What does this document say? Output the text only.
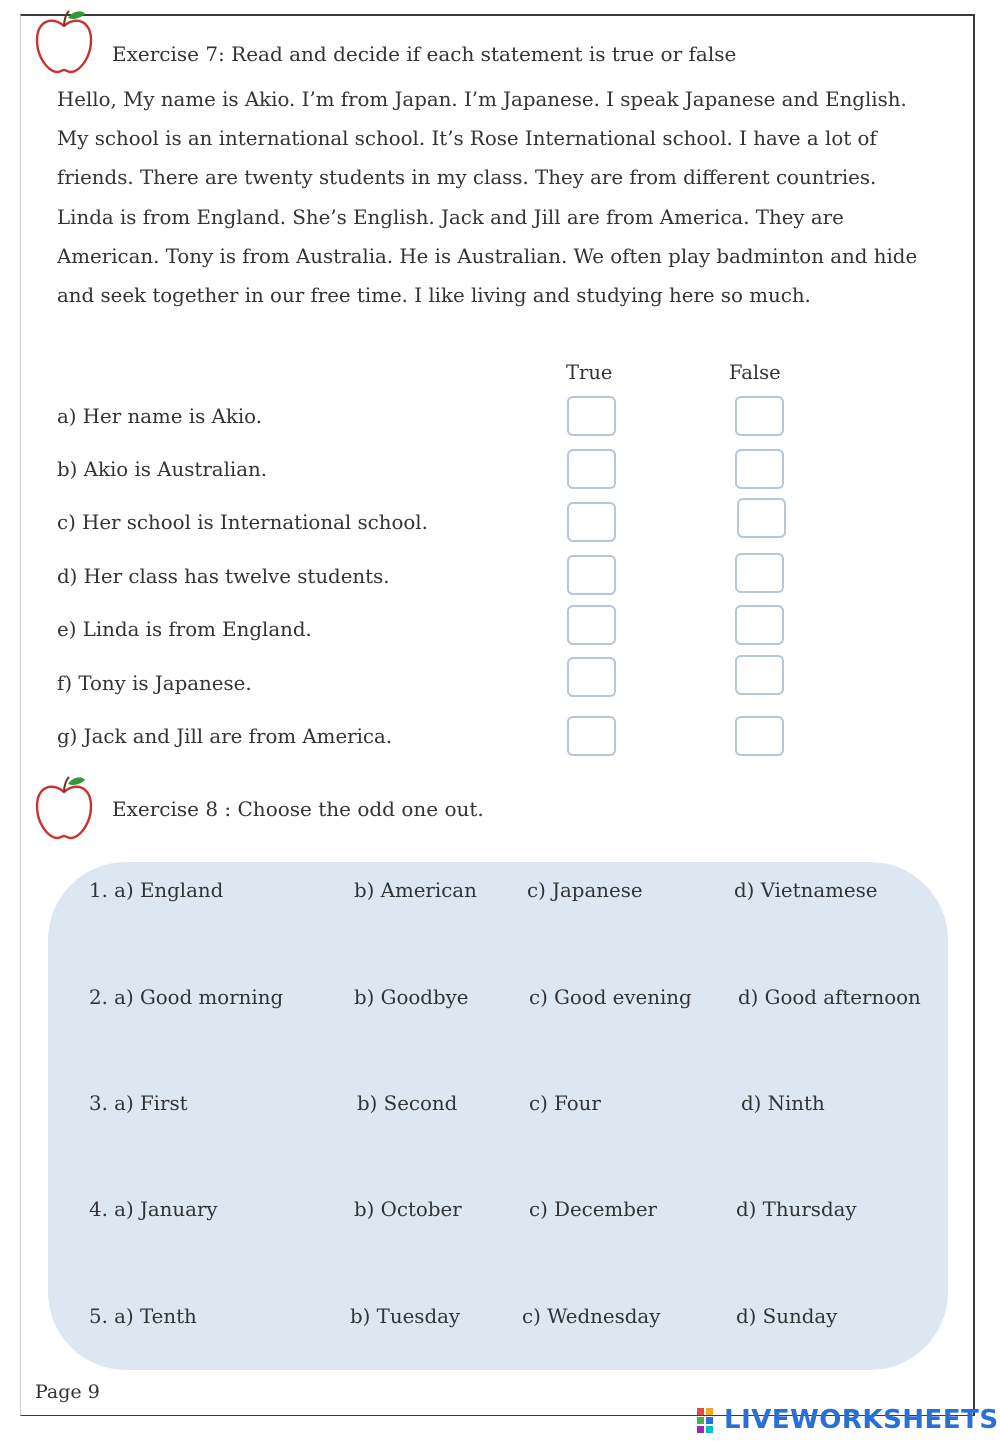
Exercise 7: Read and decide if each statement is true or false
Hello, My name is Akio. I’m from Japan. I’m Japanese. I speak Japanese and English. My school is an international school. It’s Rose International school. I have a lot of friends. There are twenty students in my class. They are from different countries. Linda is from England. She’s English. Jack and Jill are from America. They are American. Tony is from Australia. He is Australian. We often play badminton and hide and seek together in our free time. I like living and studying here so much.
True	False
a) Her name is Akio.
b) Akio is Australian.
c) Her school is International school.
d) Her class has twelve students.
e) Linda is from England.
f) Tony is Japanese.
g) Jack and Jill are from America.
Exercise 8 : Choose the odd one out.
1. a) England	b) American	c) Japanese	d) Vietnamese
2. a) Good morning	b) Goodbye	c) Good evening d) Good afternoon
3. a) First	b) Second	c) Four	d) Ninth
4. a) January	b) October	c) December	d) Thursday
5. a) Tenth	b) Tuesday	c) Wednesday	d) Sunday
Page 9
LIVEWORKSHEETS
